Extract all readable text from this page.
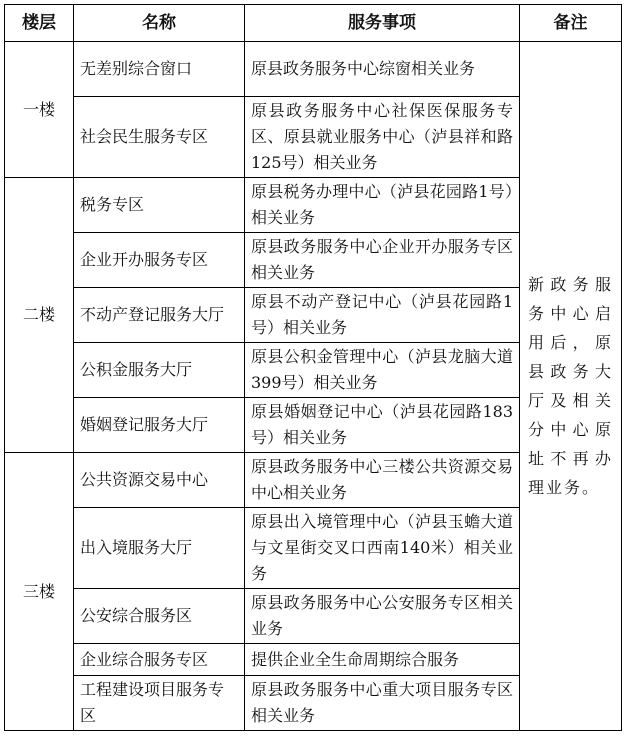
楼层	名称	服务事项	备注
一楼	无差别综合窗口	原县政务服务中心综窗相关业务	新政务服务中心启用后，原县政务大厅及相关分中心原址不再办理业务。
	社会民生服务专区	原县政务服务中心社保医保服务专区、原县就业服务中心（泸县祥和路125号）相关业务	
二楼	税务专区	原县税务办理中心（泸县花园路1号）相关业务	
	企业开办服务专区	原县政务服务中心企业开办服务专区相关业务	
	不动产登记服务大厅	原县不动产登记中心（泸县花园路1号）相关业务	
	公积金服务大厅	原县公积金管理中心（泸县龙脑大道399号）相关业务	
	婚姻登记服务大厅	原县婚姻登记中心（泸县花园路183号）相关业务	
三楼	公共资源交易中心	原县政务服务中心三楼公共资源交易中心相关业务	
	出入境服务大厅	原县出入境管理中心（泸县玉蟾大道与文星街交叉口西南140米）相关业务	
	公安综合服务区	原县政务服务中心公安服务专区相关业务	
	企业综合服务专区	提供企业全生命周期综合服务	
	工程建设项目服务专区	原县政务服务中心重大项目服务专区相关业务	
